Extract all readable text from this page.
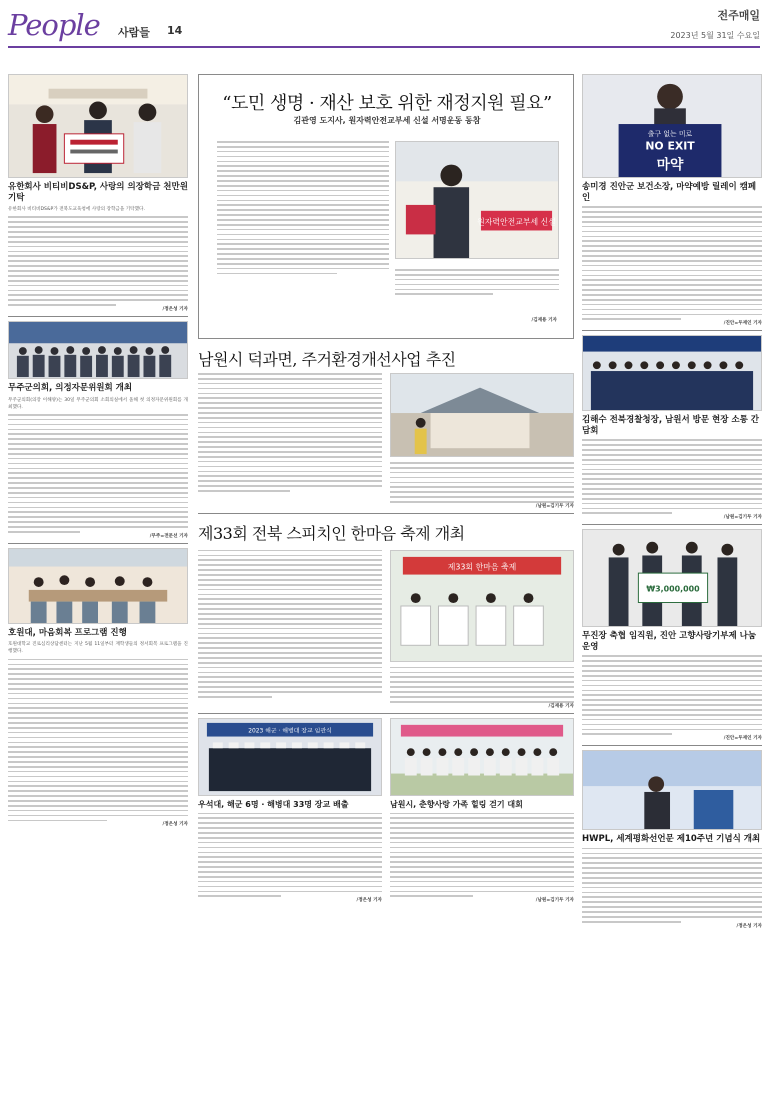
People 사람들 14
전주매일
2023년 5월 31일 수요일
유한회사 비티비DS&P, 사랑의 의장학금 천만원 기탁
유한회사 비티비DS&P가 전북도교육청에 사랑의 장학금을 기탁했다.
/정은성 기자
무주군의회, 의정자문위원회 개최
무주군의회(의장 이해양)는 30일 무주군의회 소회의실에서 올해 첫 의정자문위원회를 개최했다.
/무주=전문선 기자
호원대, 마음회복 프로그램 진행
호원대학교 진로심리상담센터는 지난 5월 11일부터 재학생들의 정서회복 프로그램을 진행했다.
/정은성 기자
“도민 생명 · 재산 보호 위한 재정지원 필요”
김관영 도지사, 원자력안전교부세 신설 서명운동 동참
원자력안전교부세 신설
/김재용 기자
남원시 덕과면, 주거환경개선사업 추진
/남원=김기두 기자
제33회 전북 스피치인 한마음 축제 개최
제33회 한마음 축제
/김재용 기자
2023 해군 · 해병대 장교 임관식
우석대, 해군 6명 · 해병대 33명 장교 배출
/정은성 기자
남원시, 춘향사랑 가족 힐링 걷기 대회
/남원=김기두 기자
출구 없는 미로
NO EXIT
마약
송미경 진안군 보건소장, 마약예방 릴레이 캠페인
/진안=두재인 기자
김해수 전북경찰청장, 남원서 방문 현장 소통 간담회
/남원=김기두 기자
₩3,000,000
무진장 축협 임직원, 진안 고향사랑기부제 나눔 운영
/진안=두재인 기자
HWPL, 세계평화선언문 제10주년 기념식 개최
/정은성 기자
